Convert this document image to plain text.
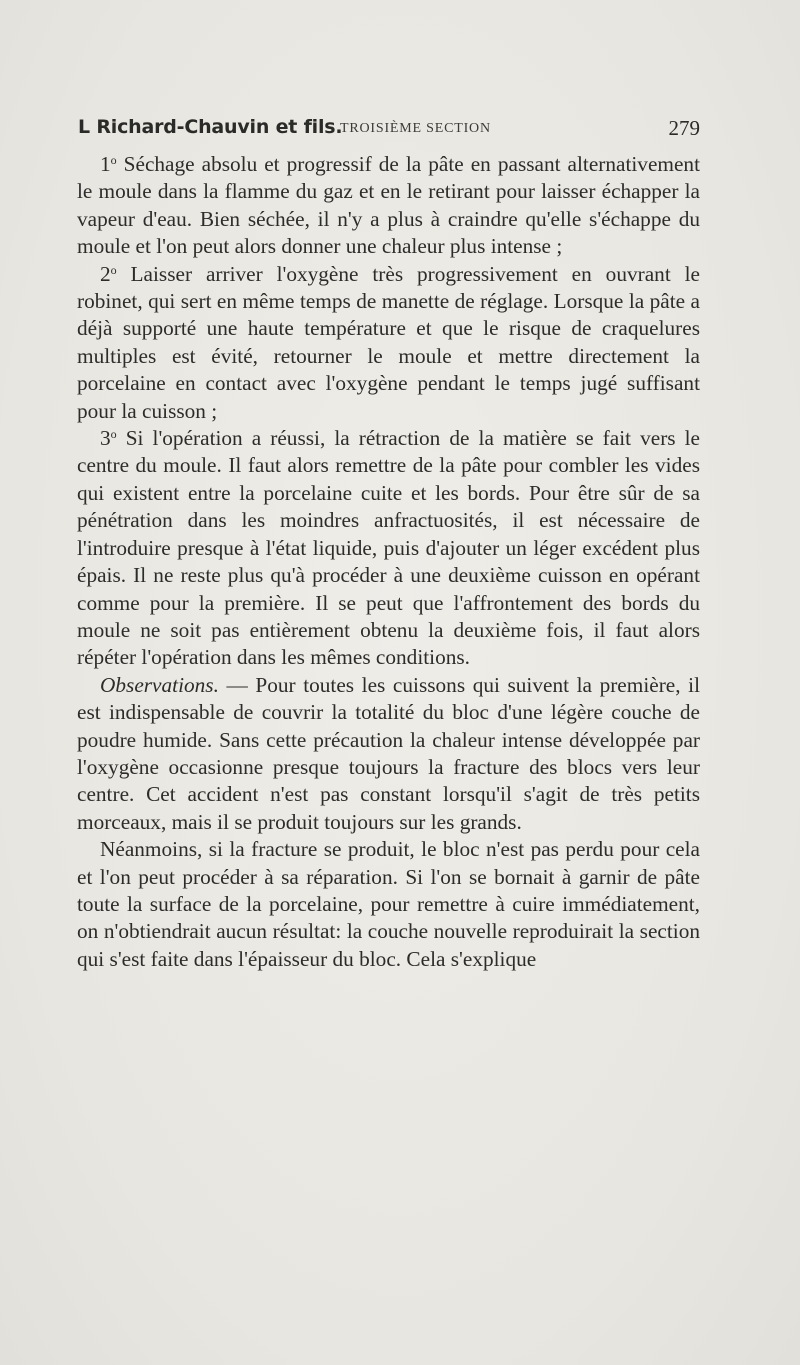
L Richard-Chauvin et fils.
TROISIÈME SECTION	279

1$^o$ Séchage absolu et progressif de la pâte en passant alternativement le moule dans la flamme du gaz et en le retirant pour laisser échapper la vapeur d'eau. Bien séchée, il n'y a plus à craindre qu'elle s'échappe du moule et l'on peut alors donner une chaleur plus intense ;

2$^o$ Laisser arriver l'oxygène très progressivement en ouvrant le robinet, qui sert en même temps de manette de réglage. Lorsque la pâte a déjà supporté une haute température et que le risque de craquelures multiples est évité, retourner le moule et mettre directement la porcelaine en contact avec l'oxygène pendant le temps jugé suffisant pour la cuisson ;

3$^o$ Si l'opération a réussi, la rétraction de la matière se fait vers le centre du moule. Il faut alors remettre de la pâte pour combler les vides qui existent entre la porcelaine cuite et les bords. Pour être sûr de sa pénétration dans les moindres anfractuosités, il est nécessaire de l'introduire presque à l'état liquide, puis d'ajouter un léger excédent plus épais. Il ne reste plus qu'à procéder à une deuxième cuisson en opérant comme pour la première. Il se peut que l'affrontement des bords du moule ne soit pas entièrement obtenu la deuxième fois, il faut alors répéter l'opération dans les mêmes conditions.

Observations. — Pour toutes les cuissons qui suivent la première, il est indispensable de couvrir la totalité du bloc d'une légère couche de poudre humide. Sans cette précaution la chaleur intense développée par l'oxygène occasionne presque toujours la fracture des blocs vers leur centre. Cet accident n'est pas constant lorsqu'il s'agit de très petits morceaux, mais il se produit toujours sur les grands.

Néanmoins, si la fracture se produit, le bloc n'est pas perdu pour cela et l'on peut procéder à sa réparation. Si l'on se bornait à garnir de pâte toute la surface de la porcelaine, pour remettre à cuire immédiatement, on n'obtiendrait aucun résultat: la couche nouvelle reproduirait la section qui s'est faite dans l'épaisseur du bloc. Cela s'explique
